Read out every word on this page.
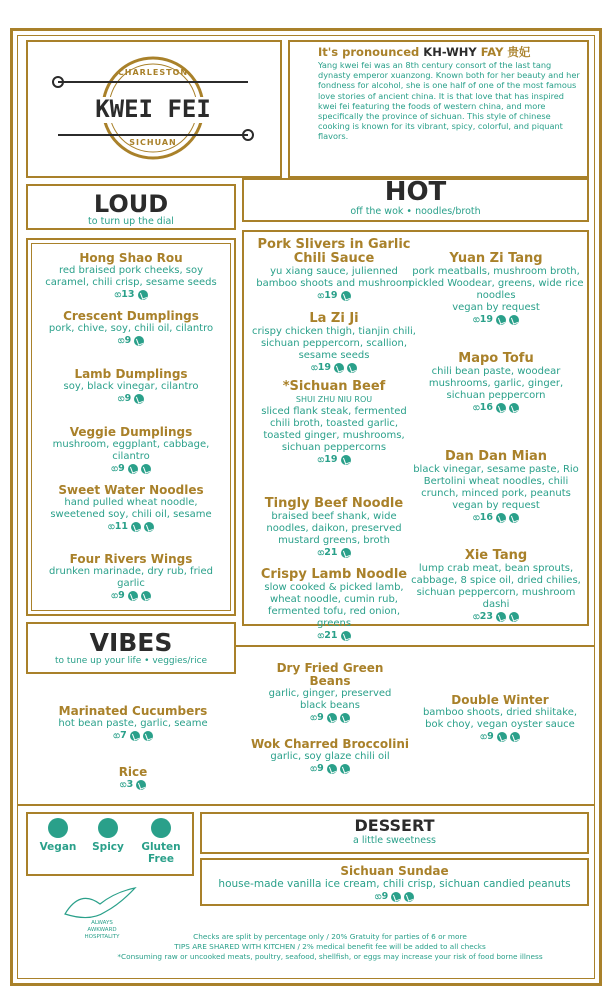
CHARLESTON
KWEI FEI
SICHUAN
It's pronounced KH-WHY FAY 贵妃
Yang kwei fei was an 8th century consort of the last tang dynasty emperor xuanzong. Known both for her beauty and her fondness for alcohol, she is one half of one of the most famous love stories of ancient china. It is that love that has inspired kwei fei featuring the foods of western china, and more specifically the province of sichuan. This style of chinese cooking is known for its vibrant, spicy, colorful, and piquant flavors.
LOUD
to turn up the dial
HOT
off the wok • noodles/broth
Hong Shao Rou
red braised pork cheeks, soy caramel, chili crisp, sesame seeds
ග13
Crescent Dumplings
pork, chive, soy, chili oil, cilantro
ග9
Lamb Dumplings
soy, black vinegar, cilantro
ග9
Veggie Dumplings
mushroom, eggplant, cabbage, cilantro
ග9
Sweet Water Noodles
hand pulled wheat noodle, sweetened soy, chili oil, sesame
ග11
Four Rivers Wings
drunken marinade, dry rub, fried garlic
ග9
Pork Slivers in Garlic Chili Sauce
yu xiang sauce, julienned bamboo shoots and mushroom
ග19
La Zi Ji
crispy chicken thigh, tianjin chili, sichuan peppercorn, scallion, sesame seeds
ග19
*Sichuan Beef
SHUI ZHU NIU ROU
sliced flank steak, fermented chili broth, toasted garlic, toasted ginger, mushrooms, sichuan peppercorns
ග19
Tingly Beef Noodle
braised beef shank, wide noodles, daikon, preserved mustard greens, broth
ග21
Crispy Lamb Noodle
slow cooked & picked lamb, wheat noodle, cumin rub, fermented tofu, red onion, greens
ග21
Yuan Zi Tang
pork meatballs, mushroom broth, pickled Woodear, greens, wide rice noodles
vegan by request
ග19
Mapo Tofu
chili bean paste, woodear mushrooms, garlic, ginger, sichuan peppercorn
ග16
Dan Dan Mian
black vinegar, sesame paste, Rio Bertolini wheat noodles, chili crunch, minced pork, peanuts
vegan by request
ග16
Xie Tang
lump crab meat, bean sprouts, cabbage, 8 spice oil, dried chilies, sichuan peppercorn, mushroom dashi
ග23
VIBES
to tune up your life • veggies/rice
Marinated Cucumbers
hot bean paste, garlic, seame
ග7
Rice
ග3
Dry Fried Green Beans
garlic, ginger, preserved black beans
ග9
Wok Charred Broccolini
garlic, soy glaze chili oil
ග9
Double Winter
bamboo shoots, dried shiitake, bok choy, vegan oyster sauce
ග9
Vegan	Spicy	Gluten Free
DESSERT
a little sweetness
Sichuan Sundae
house-made vanilla ice cream, chili crisp, sichuan candied peanuts
ග9
ALWAYS
AWKWARD
HOSPITALITY	Checks are split by percentage only / 20% Gratuity for parties of 6 or more
TIPS ARE SHARED WITH KITCHEN / 2% medical benefit fee will be added to all checks
*Consuming raw or uncooked meats, poultry, seafood, shellfish, or eggs may increase your risk of food borne illness
